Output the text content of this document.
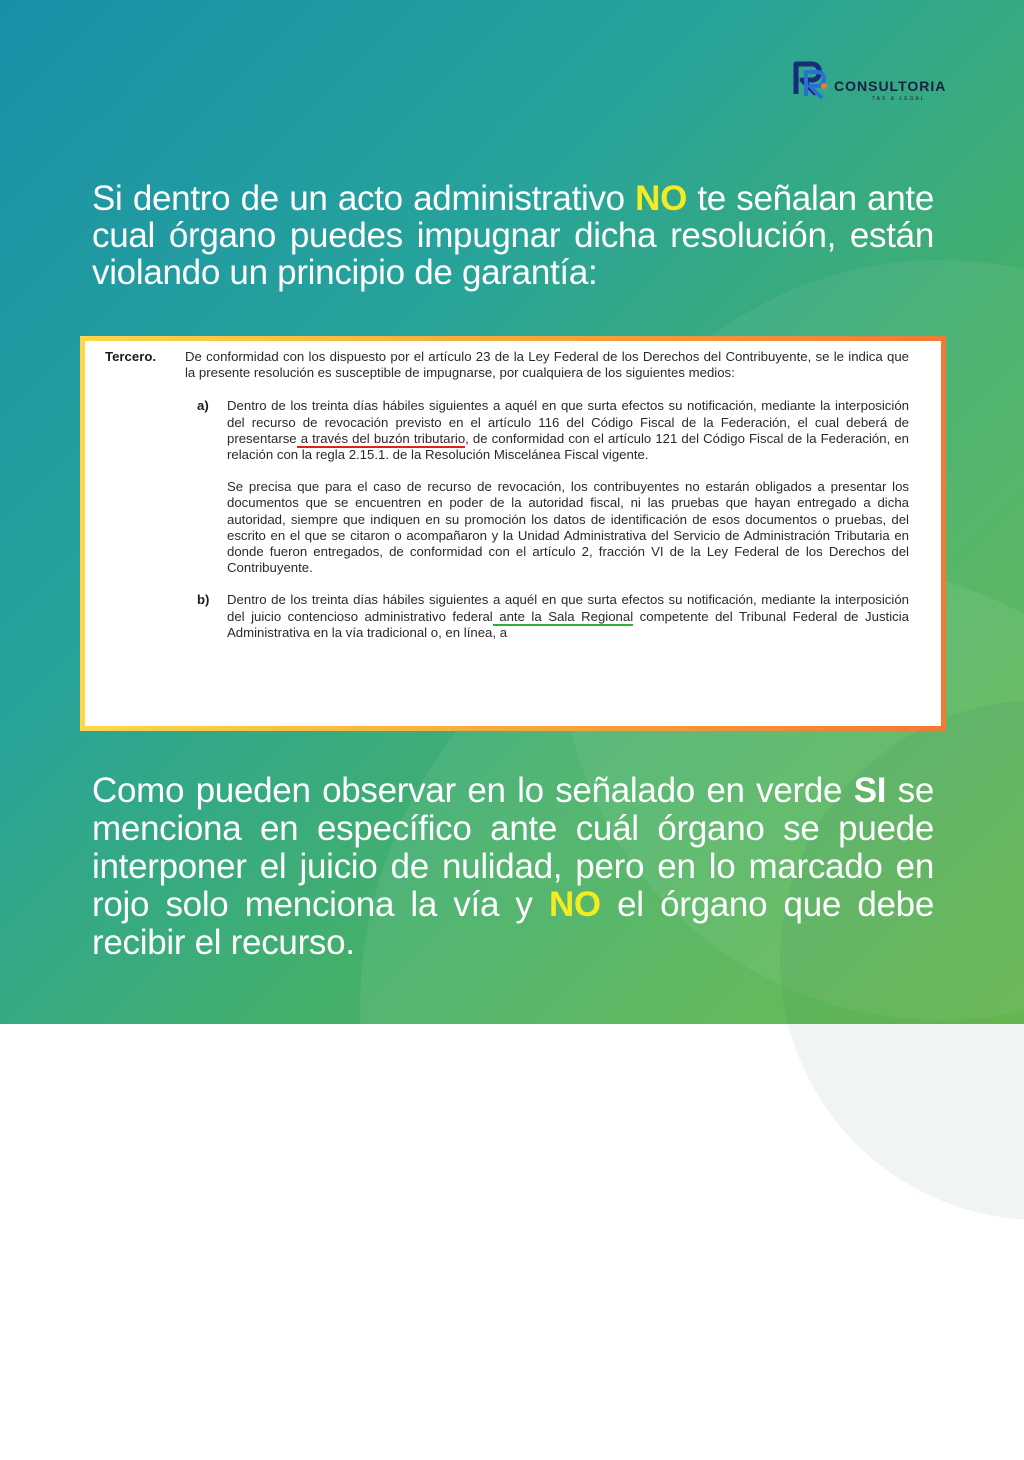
CONSULTORIA
TAX & LEGAL
Si dentro de un acto administrativo NO te señalan ante cual órgano puedes impugnar dicha resolución, están violando un principio de garantía:
Tercero. De conformidad con los dispuesto por el artículo 23 de la Ley Federal de los Derechos del Contribuyente, se le indica que la presente resolución es susceptible de impugnarse, por cualquiera de los siguientes medios:
a) Dentro de los treinta días hábiles siguientes a aquél en que surta efectos su notificación, mediante la interposición del recurso de revocación previsto en el artículo 116 del Código Fiscal de la Federación, el cual deberá de presentarse a través del buzón tributario, de conformidad con el artículo 121 del Código Fiscal de la Federación, en relación con la regla 2.15.1. de la Resolución Miscelánea Fiscal vigente.
Se precisa que para el caso de recurso de revocación, los contribuyentes no estarán obligados a presentar los documentos que se encuentren en poder de la autoridad fiscal, ni las pruebas que hayan entregado a dicha autoridad, siempre que indiquen en su promoción los datos de identificación de esos documentos o pruebas, del escrito en el que se citaron o acompañaron y la Unidad Administrativa del Servicio de Administración Tributaria en donde fueron entregados, de conformidad con el artículo 2, fracción VI de la Ley Federal de los Derechos del Contribuyente.
b) Dentro de los treinta días hábiles siguientes a aquél en que surta efectos su notificación, mediante la interposición del juicio contencioso administrativo federal ante la Sala Regional competente del Tribunal Federal de Justicia Administrativa en la vía tradicional o, en línea, a
Como pueden observar en lo señalado en verde SI se menciona en específico ante cuál órgano se puede interponer el juicio de nulidad, pero en lo marcado en rojo solo menciona la vía y NO el órgano que debe recibir el recurso.
